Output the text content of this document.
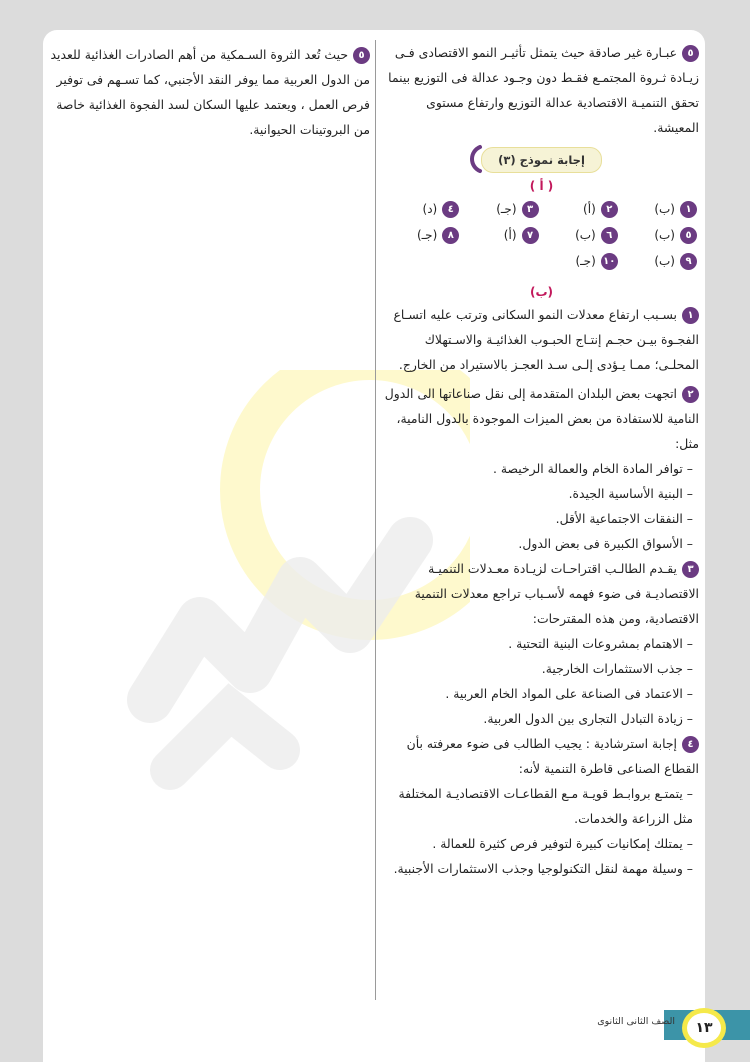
٥عبـارة غير صادقة حيث يتمثل تأثيـر النمو الاقتصادى فـى زيـادة ثـروة المجتمـع فقـط دون وجـود عدالة فى التوزيع بينما تحقق التنميـة الاقتصادية عدالة التوزيع وارتفاع مستوى المعيشة.

إجابة نموذج (٣)
( أ )
١(ب)
٢(أ)
٣(جـ)
٤(د)
٥(ب)
٦(ب)
٧(أ)
٨(جـ)
٩(ب)
١٠(جـ)
(ب)

١بسـبب ارتفاع معدلات النمو السكانى وترتب عليه اتسـاع الفجـوة بيـن حجـم إنتـاج الحبـوب الغذائيـة والاسـتهلاك المحلـى؛ ممـا يـؤدى إلـى سـد العجـز بالاستيراد من الخارج.

٢اتجهت بعض البلدان المتقدمة إلى نقل صناعاتها الى الدول النامية للاستفادة من بعض الميزات الموجودة بالدول النامية، مثل:

– توافر المادة الخام والعمالة الرخيصة .
– البنية الأساسية الجيدة.
– النفقات الاجتماعية الأقل.
– الأسواق الكبيرة فى بعض الدول.

٣يقـدم الطالـب اقتراحـات لزيـادة معـدلات التنميـة الاقتصاديـة فى ضوء فهمه لأسـباب تراجع معدلات التنمية الاقتصادية، ومن هذه المقترحات:

– الاهتمام بمشروعات البنية التحتية .
– جذب الاستثمارات الخارجية.
– الاعتماد فى الصناعة على المواد الخام العربية .
– زيادة التبادل التجارى بين الدول العربية.

٤إجابة استرشادية : يجيب الطالب فى ضوء معرفته بأن القطاع الصناعى قاطرة التنمية لأنه:

– يتمتـع بروابـط قويـة مـع القطاعـات الاقتصاديـة المختلفة مثل الزراعة والخدمات.
– يمتلك إمكانيات كبيرة لتوفير فرص كثيرة للعمالة .
– وسيلة مهمة لنقل التكنولوجيا وجذب الاستثمارات الأجنبية.

٥حيث تُعد الثروة السـمكية من أهم الصادرات الغذائية للعديد من الدول العربية مما يوفر النقد الأجنبي، كما تسـهم فى توفير فرص العمل ، ويعتمد عليها السكان لسد الفجوة الغذائية خاصة من البروتينات الحيوانية.

الصف الثانى الثانوى	١٣
